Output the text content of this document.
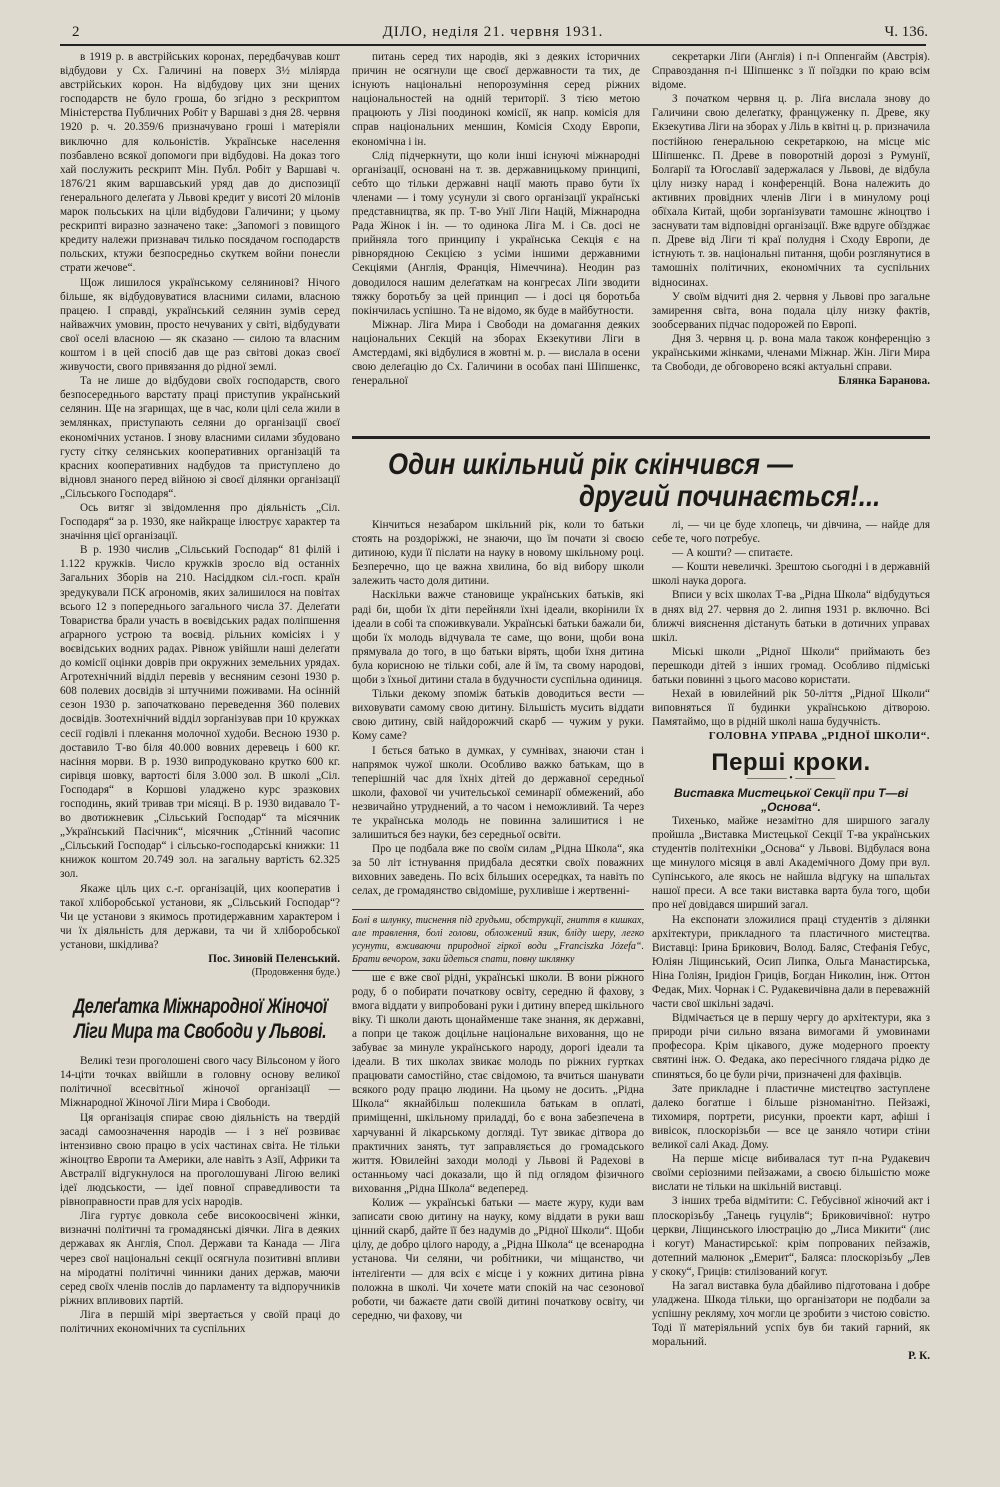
2	ДІЛО, неділя 21. червня 1931.	Ч. 136.

в 1919 р. в австрійських коронах, передбачував кошт відбудови у Сх. Галичині на поверх 3½ міліярда австрійських корон. На відбудову цих зни щених господарств не було гроша, бо згідно з рескриптом Міністерства Публичних Робіт у Варшаві з дня 28. червня 1920 р. ч. 20.359/6 призначувано гроші і матеріяли виключно для кольоністів. Українське населення позбавлено всякої допомоги при відбудові. На доказ того хай послужить рескрипт Мін. Публ. Робіт у Варшаві ч. 1876/21 яким варшавський уряд дав до диспозиції ґенерального делеґата у Львові кредит у висоті 20 мілонів марок польських на ціли відбудови Галичини; у цьому рескрипті виразно зазначено таке: „Запомогі з повищого кредиту належи признавач тилько посядачом господарств польских, ктужи безпосредньо скуткем войни понесли страти жечове“.

Щож лишилося українському селянинові? Нічого більше, як відбудовуватися власними силами, власною працею. І справді, український селянин зумів серед найважчих умовин, просто нечуваних у світі, відбудувати свої оселі власною — як сказано — силою та власним коштом і в цей спосіб дав ще раз світові доказ своєї живучости, свого привязання до рідної землі.

Та не лише до відбудови своїх господарств, свого безпосереднього варстату праці приступив український селянин. Ще на згарищах, ще в час, коли цілі села жили в землянках, приступають селяни до організації своєї економічних установ. І знову власними силами збудовано густу сітку селянських кооперативних організацій та красних кооперативних надбудов та приступлено до відновл знаного перед війною зі своєї ділянки організації „Сільського Господаря“.

Ось витяг зі звідомлення про діяльність „Сіл. Господаря“ за р. 1930, яке найкраще ілюструє характер та значіння цієї організації.

В р. 1930 числив „Сільський Господар“ 81 філій і 1.122 кружків. Число кружків зросло від останніх Загальних Зборів на 210. Насіддком сіл.-госп. країн зредукували ПСК аґрономів, яких залишилося на повітах всього 12 з попереднього загального числа 37. Делеґати Товариства брали участь в воєвідських радах поліпшення аґрарного устрою та воєвід. рільних комісіях і у воєвідських водних радах. Рівнож увійшли наші делеґати до комісії оцінки доврів при окружних земельних урядах. Агротехнічний відділ перевів у весняним сезоні 1930 р. 608 полевих досвідів зі штучними поживами. На осінній сезон 1930 р. започатковано переведення 360 полевих досвідів. Зоотехнічний відділ зорґанізував при 10 кружках сесії годівлі і плекання молочної худоби. Весною 1930 р. доставило Т-во біля 40.000 вовних деревець і 600 кг. насіння морви. В р. 1930 випродуковано крутко 600 кг. сирівця шовку, вартості біля 3.000 зол. В школі „Сіл. Господаря“ в Коршові уладжено курс зразкових господинь, який тривав три місяці. В р. 1930 видавало Т-во двотижневик „Сільський Господар“ та місячник „Український Пасічник“, місячник „Стінний часопис „Сільський Господар“ і сільсько-господарські книжки: 11 книжок коштом 20.749 зол. на загальну вартість 62.325 зол.

Якаже ціль цих с.-г. організацій, цих кооператив і такої хліборобської установи, як „Сільський Господар“? Чи це установи з якимось протидержавним характером і чи їх діяльність для держави, та чи й хліборобської установи, шкідлива?

Пос. Зиновій Пеленський.

(Продовження буде.)

Делеґатка Міжнародної Жіночої Ліги Мира та Свободи у Львові.

Великі тези проголошені свого часу Вільсоном у його 14-ціти точках ввійшли в головну основу великої політичної всесвітньої жіночої організації — Міжнародної Жіночої Ліги Мира і Свободи.

Ця організація спирає свою діяльність на твердій засаді самоозначення народів — і з неї розвиває інтензивно свою працю в усіх частинах світа. Не тільки жіноцтво Европи та Америки, але навіть з Азії, Африки та Австралії відгукнулося на проголошувані Лігою великі ідеї людськости, — ідеї повної справедливости та рівноправности прав для усіх народів.

Ліга гуртує довкола себе високоосвічені жінки, визначні політичні та громадянські діячки. Ліга в деяких державах як Англія, Спол. Держави та Канада — Ліга через свої національні секції осягнула позитивні впливи на міродатні політичні чинники даних держав, маючи серед своїх членів послів до парламенту та відпоручників ріжних впливових партій.

Ліга в першій мірі звертається у своїй праці до політичних економічних та суспільних

питань серед тих народів, які з деяких історичних причин не осягнули ще своєї державности та тих, де існують національні непорозуміння серед ріжних національностей на одній території. З тією метою працюють у Лізі поодинокі комісії, як напр. комісія для справ національних меншин, Комісія Сходу Европи, економічна і ін.

Слід підчеркнути, що коли інші існуючі міжнародні організації, основані на т. зв. державницькому принципі, себто що тільки державні нації мають право бути їх членами — і тому усунули зі свого організації українські представництва, як пр. Т-во Унії Ліґи Націй, Міжнародна Рада Жінок і ін. — то одинока Ліга М. і Св. досі не прийняла того принципу і українська Секція є на рівнорядною Секцією з усіми іншими державними Секціями (Англія, Франція, Німеччина). Неодин раз доводилося нашим делеґаткам на конгресах Ліґи зводити тяжку боротьбу за цей принцип — і досі ця боротьба покінчилась успішно. Та не відомо, як буде в майбутности.

Міжнар. Ліга Мира і Свободи на домагання деяких національних Секцій на зборах Екзекутиви Ліги в Амстердамі, які відбулися в жовтні м. р. — вислала в осени свою делеґацію до Сх. Галичини в особах пані Шіпшенкс, ґенеральної

секретарки Ліґи (Англія) і п-і Оппенгайм (Австрія). Справоздання п-і Шіпшенкс з її поїздки по краю всім відоме.

З початком червня ц. р. Ліґа вислала знову до Галичини свою делеґатку, француженку п. Древе, яку Екзекутива Ліги на зборах у Ліль в квітні ц. р. призначила постійною ґенеральною секретаркою, на місце міс Шіпшенкс. П. Древе в поворотній дорозі з Румунії, Болґарії та Югославії задержалася у Львові, де відбула цілу низку нарад і конференцій. Вона належить до активних провідних членів Ліги і в минулому році обїхала Китай, щоби зорґанізувати тамошнє жіноцтво і заснувати там відповідні організації. Вже вдруге обїзджає п. Древе від Ліги ті краї полудня і Сходу Европи, де істнують т. зв. національні питання, щоби розглянутися в тамошніх політичних, економічних та суспільних відносинах.

У своїм відчиті дня 2. червня у Львові про загальне замирення світа, вона подала цілу низку фактів, зообсерваних підчас подорожей по Европі.

Дня 3. червня ц. р. вона мала також конференцію з українськими жінками, членами Міжнар. Жін. Ліги Мира та Свободи, де обговорено всякі актуальні справи.

Блянка Баранова.

Один шкільний рік скінчився —
другий починається!...

Кінчиться незабаром шкільний рік, коли то батьки стоять на роздоріжжі, не знаючи, що їм почати зі своєю дитиною, куди її післати на науку в новому шкільному році. Безперечно, що це важна хвилина, бо від вибору школи залежить часто доля дитини.

Наскільки важче становище українських батьків, які раді би, щоби їх діти перейняли їхні ідеали, вкорінили їх ідеали в собі та споживкували. Українські батьки бажали би, щоби їх молодь відчувала те саме, що вони, щоби вона прямувала до того, в що батьки вірять, щоби їхня дитина була корисною не тільки собі, але й їм, та свому народові, щоби з їхньої дитини стала в будучности суспільна одиниця.

Тільки декому зпоміж батьків доводиться вести — виховувати самому свою дитину. Більшість мусить віддати свою дитину, свій найдорожчий скарб — чужим у руки. Кому саме?

І бється батько в думках, у сумнівах, знаючи стан і напрямок чужої школи. Особливо важко батькам, що в теперішній час для їхніх дітей до державної середньої школи, фахової чи учительської семинарії обмежений, або незвичайно утруднений, а то часом і неможливий. Та через те українська молодь не повинна залишитися і не залишиться без науки, без середньої освіти.

Про це подбала вже по своїм силам „Рідна Школа“, яка за 50 літ істнування придбала десятки своїх поважних виховних заведень. По всіх більших осередках, та навіть по селах, де громадянство свідоміше, рухливіше і жертвенні-

Болі в шлунку, тиснення під грудьми, обструкції, гниття в кишках, але травлення, болі голови, обложений язик, бліду шеру, легко усунути, вживаючи природної гіркої води „Franciszka Józefa“. Брати вечором, заки йдеться спати, повну шклянку

ше є вже свої рідні, українські школи. В вони ріжного роду, б о побирати початкову освіту, середню й фахову, з вмога віддати у випробовані руки і дитину вперед шкільного віку. Ті школи дають щонайменше таке знання, як державні, а попри це також доцільне національне виховання, що не забуває за минуле українського народу, дорогі ідеали та ідеали. В тих школах звикає молодь по ріжних гуртках працювати самостійно, стає свідомою, та вчиться шанувати всякого роду працю людини. На цьому не досить. „Рідна Школа“ якнайбільш полекшила батькам в оплаті, приміщенні, шкільному приладді, бо є вона забезпечена в харчуванні й лікарському догляді. Тут звикає дітвора до практичних занять, тут заправляється до громадського життя. Ювилейні заходи молоді у Львові й Радехові в останньому часі доказали, що й під оглядом фізичного виховання „Рідна Школа“ ведеперед.

Колиж — українські батьки — маєте журу, куди вам записати свою дитину на науку, кому віддати в руки ваш цінний скарб, дайте її без надумів до „Рідної Школи“. Щоби цілу, де добро цілого народу, а „Рідна Школа“ це всенародна установа. Чи селяни, чи робітники, чи міщанство, чи інтеліґенти — для всіх є місце і у кожних дитина рівна положна в школі. Чи хочете мати спокій на час сезонової роботи, чи бажаєте дати своїй дитині початкову освіту, чи середню, чи фахову, чи

лі, — чи це буде хлопець, чи дівчина, — найде для себе те, чого потребує.

— А кошти? — спитаєте.

— Кошти невеличкі. Зрештою сьогодні і в державній школі наука дорога.

Вписи у всіх школах Т-ва „Рідна Школа“ відбудуться в днях від 27. червня до 2. липня 1931 р. включно. Всі ближчі вияснення дістануть батьки в дотичних управах шкіл.

Міські школи „Рідної Школи“ приймають без перешкоди дітей з інших громад. Особливо підміські батьки повинні з цього масово користати.

Нехай в ювилейний рік 50-ліття „Рідної Школи“ виповняться її будинки українською дітворою. Памятаймо, що в рідній школі наша будучність.

ГОЛОВНА УПРАВА „РІДНОЇ ШКОЛИ“.

Перші кроки.

———— • ————

Виставка Мистецької Секції при Т—ві „Основа“.

Тихенько, майже незамітно для ширшого загалу пройшла „Виставка Мистецької Секції Т-ва українських студентів політехніки „Основа“ у Львові. Відбулася вона ще минулого місяця в авлі Академічного Дому при вул. Супінського, але якось не найшла відгуку на шпальтах нашої преси. А все таки виставка варта була того, щоби про неї довідався ширший загал.

На експонати зложилися праці студентів з ділянки архітектури, прикладного та пластичного мистецтва. Виставці: Ірина Брикович, Волод. Баляс, Стефанія Гебус, Юліян Ліщинський, Осип Липка, Ольга Манастирська, Ніна Голіян, Іридіон Гриців, Богдан Николин, інж. Оттон Федак, Мих. Чорнак і С. Рудакевичівна дали в переважній части свої шкільні задачі.

Відмічається це в першу чергу до архітектури, яка з природи річи сильно вязана вимогами й умовинами професора. Крім цікавого, дуже модерного проекту святині інж. О. Федака, ако пересічного глядача рідко де спиняться, бо це були річи, призначені для фахівців.

Зате прикладне і пластичне мистецтво заступлене далеко богатше і більше різноманітно. Пейзажі, тихомиря, портрети, рисунки, проекти карт, афіші і вивісок, плоскорізьби — все це заняло чотири стіни великої салі Акад. Дому.

На перше місце вибивалася тут п-на Рудакевич своїми серіозними пейзажами, а своєю більшістю може вислати не тільки на шкільній виставці.

З інших треба відмітити: С. Гебусівної жіночий акт і плоскорізьбу „Танець гуцулів“; Бриковичівної: нутро церкви, Ліщинського ілюстрацію до „Лиса Микити“ (лис і когут) Манастирської: крім попрованих пейзажів, дотепний малюнок „Емерит“, Баляса: плоскорізьбу „Лев у скоку“, Гриців: стилізований когут.

На загал виставка була дбайливо підготована і добре уладжена. Шкода тільки, що організатори не подбали за успішну рекляму, хоч могли це зробити з чистою совістю. Тоді її матеріяльний успіх був би такий гарний, як моральний.

Р. К.
